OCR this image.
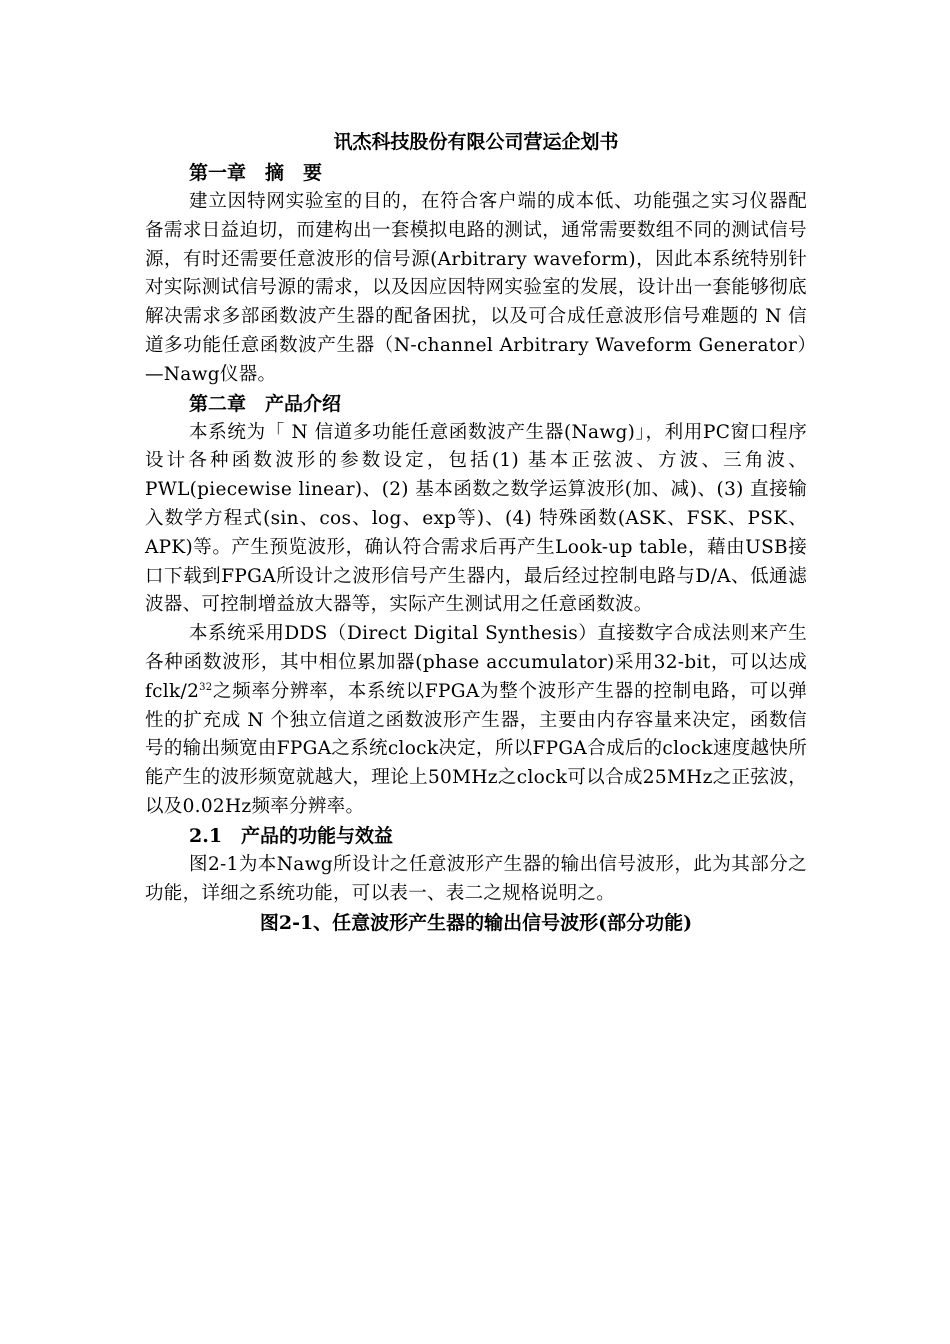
讯杰科技股份有限公司营运企划书

第一章　摘　要

建立因特网实验室的目的，在符合客户端的成本低、功能强之实习仪器配备需求日益迫切，而建构出一套模拟电路的测试，通常需要数组不同的测试信号源，有时还需要任意波形的信号源(Arbitrary waveform)，因此本系统特别针对实际测试信号源的需求，以及因应因特网实验室的发展，设计出一套能够彻底解决需求多部函数波产生器的配备困扰，以及可合成任意波形信号难题的 N 信道多功能任意函数波产生器（N-channel Arbitrary Waveform Generator）—Nawg仪器。

第二章　产品介绍

本系统为「 N 信道多功能任意函数波产生器(Nawg)」，利用PC窗口程序设计各种函数波形的参数设定，包括(1) 基本正弦波、方波、三角波、PWL(piecewise linear)、(2) 基本函数之数学运算波形(加、减)、(3) 直接输入数学方程式(sin、cos、log、exp等)、(4) 特殊函数(ASK、FSK、PSK、APK)等。产生预览波形，确认符合需求后再产生Look-up table，藉由USB接口下载到FPGA所设计之波形信号产生器内，最后经过控制电路与D/A、低通滤波器、可控制增益放大器等，实际产生测试用之任意函数波。

本系统采用DDS（Direct Digital Synthesis）直接数字合成法则来产生各种函数波形，其中相位累加器(phase accumulator)采用32-bit，可以达成fclk/$2^{32}$之频率分辨率，本系统以FPGA为整个波形产生器的控制电路，可以弹性的扩充成 N 个独立信道之函数波形产生器，主要由内存容量来决定，函数信号的输出频宽由FPGA之系统clock决定，所以FPGA合成后的clock速度越快所能产生的波形频宽就越大，理论上50MHz之clock可以合成25MHz之正弦波，以及0.02Hz频率分辨率。

2.1　产品的功能与效益

图2-1为本Nawg所设计之任意波形产生器的输出信号波形，此为其部分之功能，详细之系统功能，可以表一、表二之规格说明之。

图2-1、任意波形产生器的输出信号波形(部分功能)
